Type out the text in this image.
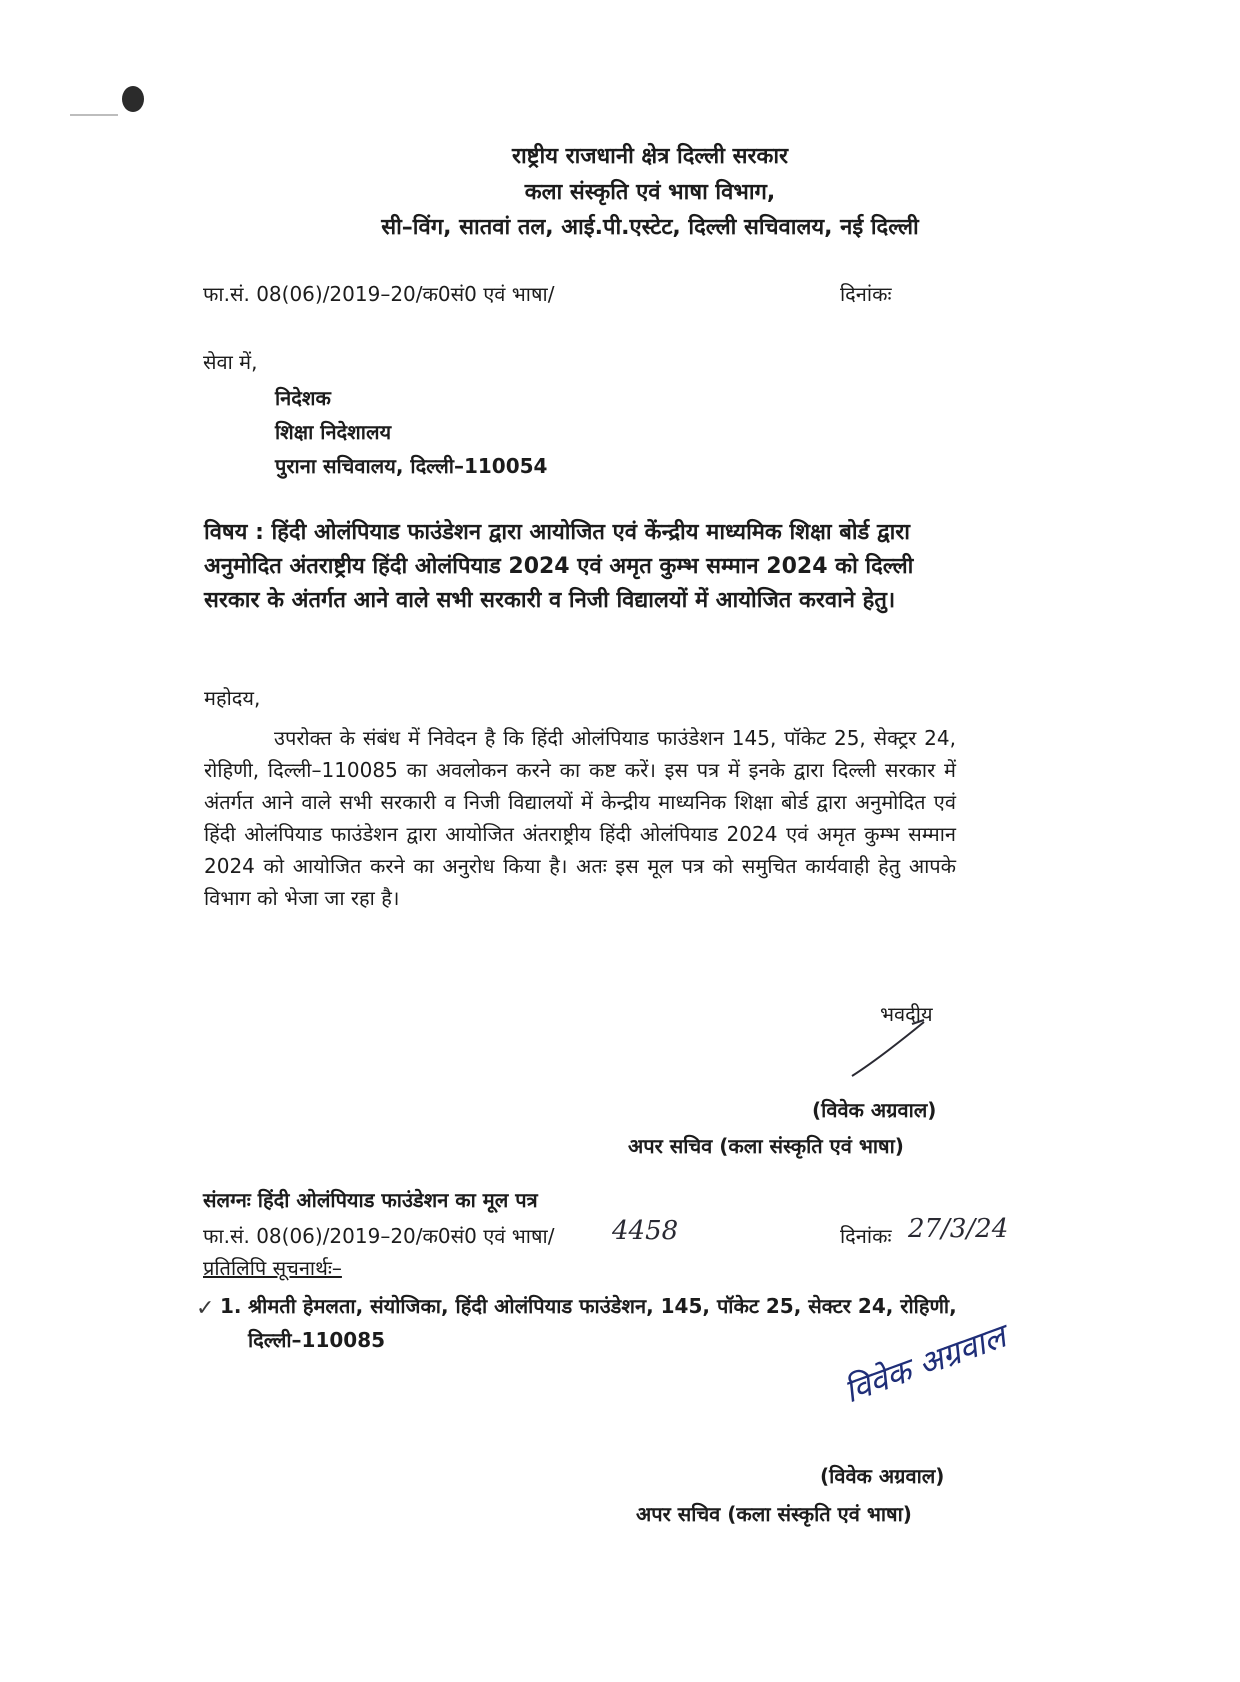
राष्ट्रीय राजधानी क्षेत्र दिल्ली सरकार
कला संस्कृति एवं भाषा विभाग,
सी–विंग, सातवां तल, आई.पी.एस्टेट, दिल्ली सचिवालय, नई दिल्ली
फा.सं. 08(06)/2019–20/क0सं0 एवं भाषा/	दिनांकः
सेवा में,
निदेशक
शिक्षा निदेशालय
पुराना सचिवालय, दिल्ली–110054
विषय : हिंदी ओलंपियाड फाउंडेशन द्वारा आयोजित एवं केंन्द्रीय माध्यमिक शिक्षा बोर्ड द्वारा अनुमोदित अंतराष्ट्रीय हिंदी ओलंपियाड 2024 एवं अमृत कुम्भ सम्मान 2024 को दिल्ली सरकार के अंतर्गत आने वाले सभी सरकारी व निजी विद्यालयों में आयोजित करवाने हेतु।
महोदय,
उपरोक्त के संबंध में निवेदन है कि हिंदी ओलंपियाड फाउंडेशन 145, पॉकेट 25, सेक्ट्रर 24, रोहिणी, दिल्ली–110085 का अवलोकन करने का कष्ट करें। इस पत्र में इनके द्वारा दिल्ली सरकार में अंतर्गत आने वाले सभी सरकारी व निजी विद्यालयों में केन्द्रीय माध्यनिक शिक्षा बोर्ड द्वारा अनुमोदित एवं हिंदी ओलंपियाड फाउंडेशन द्वारा आयोजित अंतराष्ट्रीय हिंदी ओलंपियाड 2024 एवं अमृत कुम्भ सम्मान 2024 को आयोजित करने का अनुरोध किया है। अतः इस मूल पत्र को समुचित कार्यवाही हेतु आपके विभाग को भेजा जा रहा है।
भवदीय
(विवेक अग्रवाल)
अपर सचिव (कला संस्कृति एवं भाषा)
संलग्नः हिंदी ओलंपियाड फाउंडेशन का मूल पत्र
फा.सं. 08(06)/2019–20/क0सं0 एवं भाषा/ 4458	दिनांकः 27/3/24
प्रतिलिपि सूचनार्थः–
✓ 1. श्रीमती हेमलता, संयोजिका, हिंदी ओलंपियाड फाउंडेशन, 145, पॉकेट 25, सेक्टर 24, रोहिणी, दिल्ली–110085	विवेक अग्रवाल
(विवेक अग्रवाल)
अपर सचिव (कला संस्कृति एवं भाषा)
